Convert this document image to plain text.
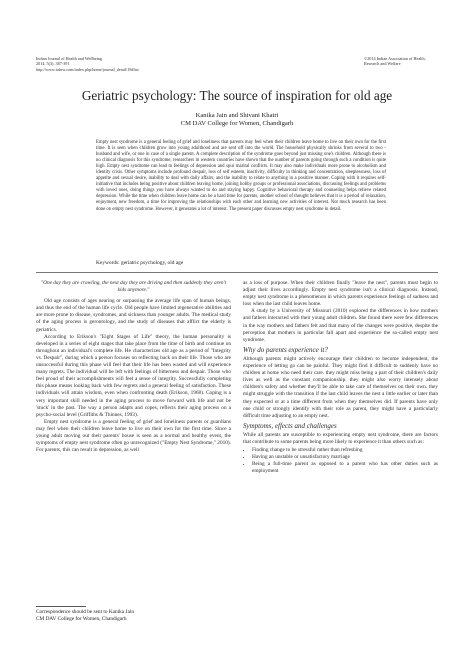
Indian Journal of Health and Wellbeing
2014, 5(3), 387-391
http://www.iahrw.com/index.php/home/journal_detail/19#list
©2014 Indian Association of Health,
Research and Welfare
Geriatric psychology: The source of inspiration for old age
Kanika Jain and Shivani Khatri
CM DAV College for Women, Chandigarh
Empty nest syndrome is a general feeling of grief and loneliness that parents may feel when their children leave home to live on their own for the first time. It is seen when children grow into young adulthood and are sent off into the world. The household physically shrinks from several to two - husband and wife, or one in case of a single parent. A complete description of the syndrome goes beyond just missing one's children. Although there is no clinical diagnosis for this syndrome, researchers in western countries have shown that the number of parents going through such a condition is quite high. Empty nest syndrome can lead to feelings of depression and spur marital conflicts. It may also make individuals more prone to alcoholism and identity crisis. Other symptoms include profound despair, loss of self esteem, inactivity, difficulty in thinking and concentration, sleeplessness, loss of appetite and sexual desire, inability to deal with daily affairs, and the inability to relate to anything in a positive manner. Coping with it requires self-initiative that includes being positive about children leaving home, joining hobby groups or professional associations, discussing feelings and problems with loved ones, doing things you have always wanted to do and staying happy. Cognitive behavioral therapy and counseling helps relieve related depression. While the time when children leave home can be a hard time for parents, another school of thought believes that it is a period of relaxation, enjoyment, new freedom, a time for improving the relationships with each other and learning new activities of interest. Not much research has been done on empty nest syndrome. However, it generates a lot of interest. The present paper discusses empty nest syndrome in detail.
Keywords: geriatric psychology, old age

"One day they are crawling, the next day they are driving and then suddenly they aren't kids anymore."

Old age consists of ages nearing or surpassing the average life span of human beings, and thus the end of the human life cycle. Old people have limited regenerative abilities and are more prone to disease, syndromes, and sickness than younger adults. The medical study of the aging process is gerontology, and the study of diseases that afflict the elderly is geriatrics.

According to Erikson's "Eight Stages of Life" theory, the human personality is developed in a series of eight stages that take place from the time of birth and continue on throughout an individual's complete life. He characterizes old age as a period of "Integrity vs. Despair", during which a person focuses on reflecting back on their life. Those who are unsuccessful during this phase will feel that their life has been wasted and will experience many regrets. The individual will be left with feelings of bitterness and despair. Those who feel proud of their accomplishments will feel a sense of integrity. Successfully completing this phase means looking back with few regrets and a general feeling of satisfaction. These individuals will attain wisdom, even when confronting death (Erikson, 1968). Coping is a very important skill needed in the aging process to move forward with life and not be 'stuck' in the past. The way a person adapts and copes, reflects their aging process on a psycho-social level (Griffiths & Thinnes, 1993).

Empty nest syndrome is a general feeling of grief and loneliness parents or guardians may feel when their children leave home to live on their own for the first time. Since a young adult moving out their parents' house is seen as a normal and healthy event, the symptoms of empty nest syndrome often go unrecognized ("Empty Nest Syndrome," 2010). For parents, this can result in depression, as well

as a loss of purpose. When their children finally "leave the nest", parents must begin to adjust their lives accordingly. Empty nest syndrome isn't a clinical diagnosis. Instead, empty nest syndrome is a phenomenon in which parents experience feelings of sadness and loss when the last child leaves home.

A study by a University of Missouri (2010) explored the differences in how mothers and fathers interacted with their young adult children. She found there were few differences in the way mothers and fathers felt and that many of the changes were positive, despite the perception that mothers in particular fall apart and experience the so-called empty nest syndrome.

Why do parents experience it?

Although parents might actively encourage their children to become independent, the experience of letting go can be painful. They might find it difficult to suddenly have no children at home who need their care. they might miss being a part of their children's daily lives as well as the constant companionship. they might also worry intensely about children's safety and whether they'll be able to take care of themselves on their own. they might struggle with the transition if the last child leaves the nest a little earlier or later than they expected or at a time different from when they themselves did. If parents have only one child or strongly identify with their role as parent, they might have a particularly difficult time adjusting to an empty nest.

Symptoms, effects and challenges

While all parents are susceptible to experiencing empty nest syndrome, there are factors that contribute to some parents being more likely to experience it than others such as:

• Finding change to be stressful rather than refreshing
• Having an unstable or unsatisfactory marriage
• Being a full-time parent as opposed to a parent who has other duties such as employment
Correspondence should be sent to Kanika Jain
CM DAV College for Women, Chandigarh
